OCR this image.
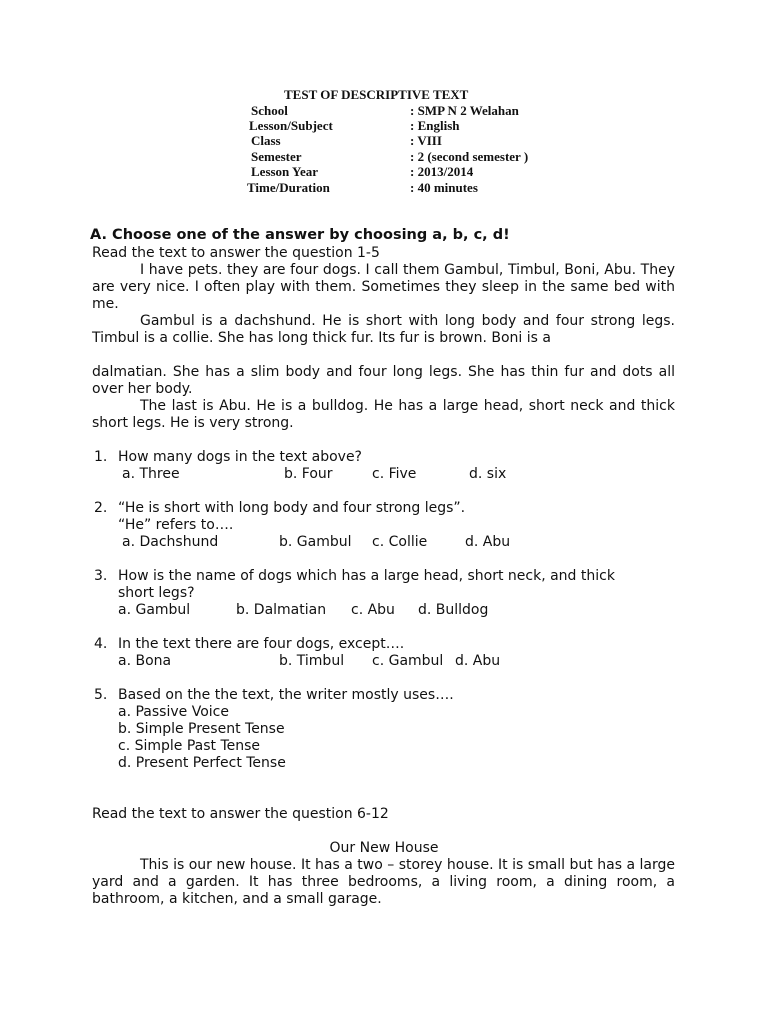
TEST OF DESCRIPTIVE TEXT
School	: SMP N 2 Welahan
Lesson/Subject	: English
Class	: VIII
Semester	: 2 (second semester )
Lesson Year	: 2013/2014
Time/Duration	: 40 minutes
A. Choose one of the answer by choosing a, b, c, d!
Read the text to answer the question 1-5
I have pets. they are four dogs. I call them Gambul, Timbul, Boni, Abu. They are very nice. I often play with them. Sometimes they sleep in the same bed with me.
Gambul is a dachshund. He is short with long body and four strong legs. Timbul is a collie. She has long thick fur. Its fur is brown. Boni is a
dalmatian. She has a slim body and four long legs. She has thin fur and dots all over her body.
The last is Abu. He is a bulldog. He has a large head, short neck and thick short legs. He is very strong.
1. How many dogs in the text above?
a. Three	b. Four	c. Five	d. six
2. “He is short with long body and four strong legs”.
“He” refers to….
a. Dachshund	b. Gambul c. Collie	d. Abu
3. How is the name of dogs which has a large head, short neck, and thick
short legs?
a. Gambul	b. Dalmatian c. Abu d. Bulldog
4. In the text there are four dogs, except….
a. Bona	b. Timbul c. Gambul d. Abu
5. Based on the the text, the writer mostly uses….
a. Passive Voice
b. Simple Present Tense
c. Simple Past Tense
d. Present Perfect Tense
Read the text to answer the question 6-12
Our New House
This is our new house. It has a two – storey house. It is small but has a large yard and a garden. It has three bedrooms, a living room, a dining room, a bathroom, a kitchen, and a small garage.
